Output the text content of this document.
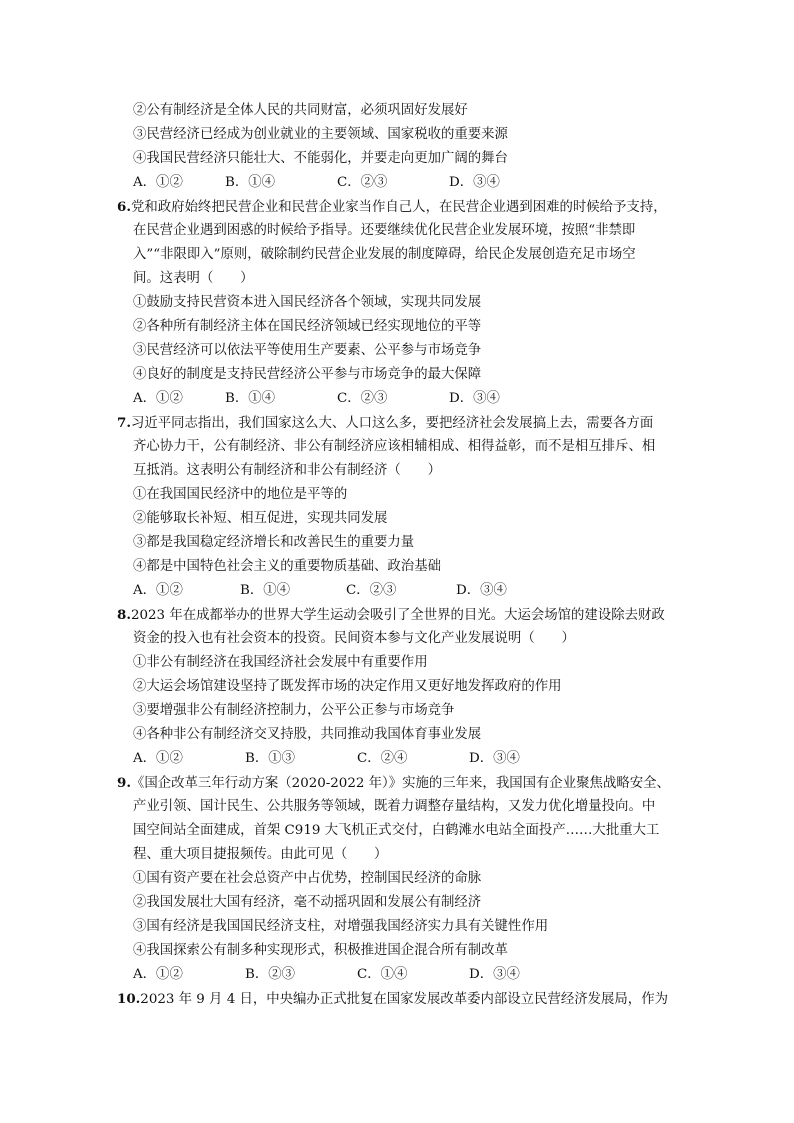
②公有制经济是全体人民的共同财富，必须巩固好发展好
③民营经济已经成为创业就业的主要领域、国家税收的重要来源
④我国民营经济只能壮大、不能弱化，并要走向更加广阔的舞台
A．①②	B．①④	C．②③	D．③④
6.党和政府始终把民营企业和民营企业家当作自己人，在民营企业遇到困难的时候给予支持，
在民营企业遇到困惑的时候给予指导。还要继续优化民营企业发展环境，按照“非禁即
入”“非限即入”原则，破除制约民营企业发展的制度障碍，给民企发展创造充足市场空
间。这表明（　　）
①鼓励支持民营资本进入国民经济各个领域，实现共同发展
②各种所有制经济主体在国民经济领域已经实现地位的平等
③民营经济可以依法平等使用生产要素、公平参与市场竞争
④良好的制度是支持民营经济公平参与市场竞争的最大保障
A．①②	B．①④	C．②③	D．③④
7.习近平同志指出，我们国家这么大、人口这么多，要把经济社会发展搞上去，需要各方面
齐心协力干，公有制经济、非公有制经济应该相辅相成、相得益彰，而不是相互排斥、相
互抵消。这表明公有制经济和非公有制经济（　　）
①在我国国民经济中的地位是平等的
②能够取长补短、相互促进，实现共同发展
③都是我国稳定经济增长和改善民生的重要力量
④都是中国特色社会主义的重要物质基础、政治基础
A．①②	B．①④	C．②③	D．③④
8.2023 年在成都举办的世界大学生运动会吸引了全世界的目光。大运会场馆的建设除去财政
资金的投入也有社会资本的投资。民间资本参与文化产业发展说明（　　）
①非公有制经济在我国经济社会发展中有重要作用
②大运会场馆建设坚持了既发挥市场的决定作用又更好地发挥政府的作用
③要增强非公有制经济控制力，公平公正参与市场竞争
④各种非公有制经济交叉持股，共同推动我国体育事业发展
A．①②	B．①③	C．②④	D．③④
9.《国企改革三年行动方案（2020-2022 年）》实施的三年来，我国国有企业聚焦战略安全、
产业引领、国计民生、公共服务等领域，既着力调整存量结构，又发力优化增量投向。中
国空间站全面建成，首架 C919 大飞机正式交付，白鹤滩水电站全面投产……大批重大工
程、重大项目捷报频传。由此可见（　　）
①国有资产要在社会总资产中占优势，控制国民经济的命脉
②我国发展壮大国有经济，毫不动摇巩固和发展公有制经济
③国有经济是我国国民经济支柱，对增强我国经济实力具有关键性作用
④我国探索公有制多种实现形式，积极推进国企混合所有制改革
A．①②	B．②③	C．①④	D．③④
10.2023 年 9 月 4 日，中央编办正式批复在国家发展改革委内部设立民营经济发展局，作为
